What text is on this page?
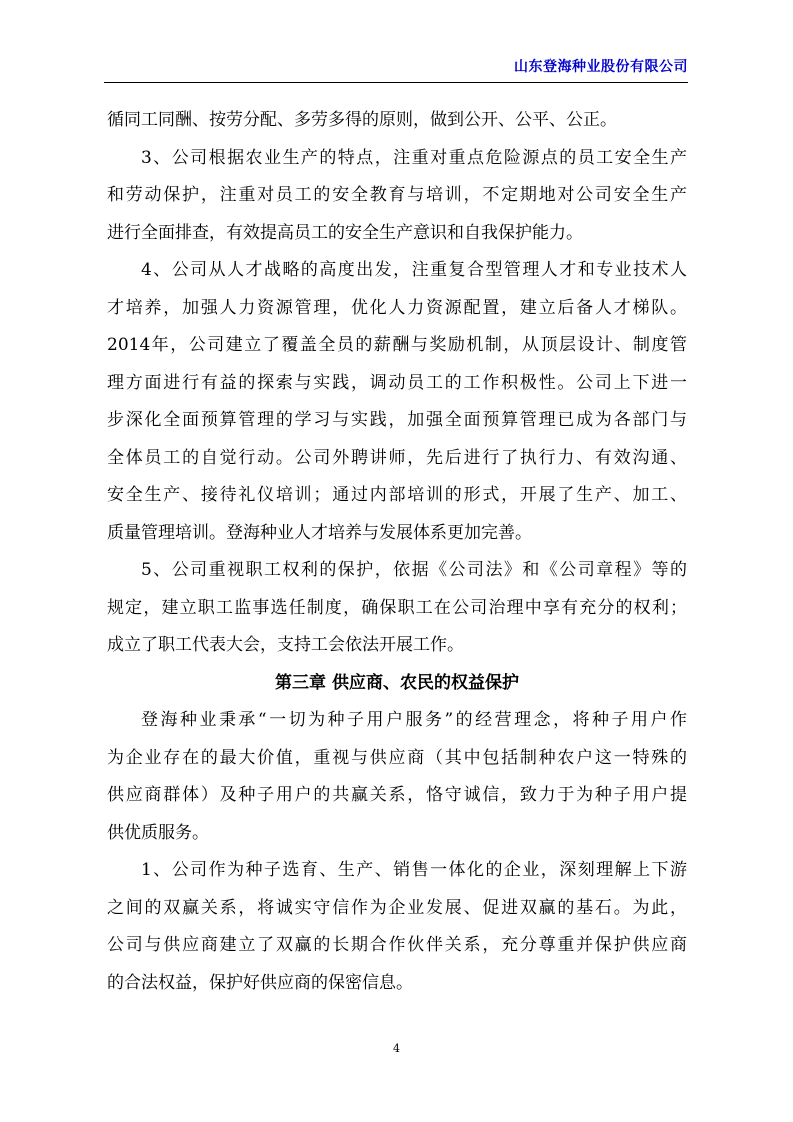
山东登海种业股份有限公司
循同工同酬、按劳分配、多劳多得的原则，做到公开、公平、公正。
3、公司根据农业生产的特点，注重对重点危险源点的员工安全生产
和劳动保护，注重对员工的安全教育与培训，不定期地对公司安全生产
进行全面排查，有效提高员工的安全生产意识和自我保护能力。
4、公司从人才战略的高度出发，注重复合型管理人才和专业技术人
才培养，加强人力资源管理，优化人力资源配置，建立后备人才梯队。
2014年，公司建立了覆盖全员的薪酬与奖励机制，从顶层设计、制度管
理方面进行有益的探索与实践，调动员工的工作积极性。公司上下进一
步深化全面预算管理的学习与实践，加强全面预算管理已成为各部门与
全体员工的自觉行动。公司外聘讲师，先后进行了执行力、有效沟通、
安全生产、接待礼仪培训；通过内部培训的形式，开展了生产、加工、
质量管理培训。登海种业人才培养与发展体系更加完善。
5、公司重视职工权利的保护，依据《公司法》和《公司章程》等的
规定，建立职工监事选任制度，确保职工在公司治理中享有充分的权利；
成立了职工代表大会，支持工会依法开展工作。
第三章 供应商、农民的权益保护
登海种业秉承“一切为种子用户服务”的经营理念，将种子用户作
为企业存在的最大价值，重视与供应商（其中包括制种农户这一特殊的
供应商群体）及种子用户的共赢关系，恪守诚信，致力于为种子用户提
供优质服务。
1、公司作为种子选育、生产、销售一体化的企业，深刻理解上下游
之间的双赢关系，将诚实守信作为企业发展、促进双赢的基石。为此，
公司与供应商建立了双赢的长期合作伙伴关系，充分尊重并保护供应商
的合法权益，保护好供应商的保密信息。
4
